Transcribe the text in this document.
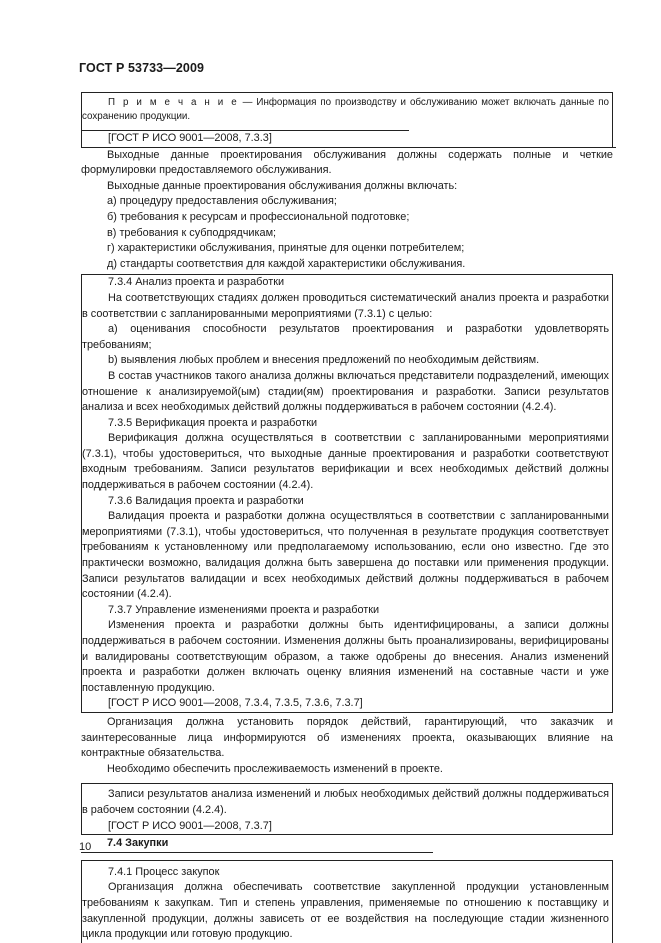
ГОСТ Р 53733—2009

П р и м е ч а н и е — Информация по производству и обслуживанию может включать данные по сохранению продукции.

[ГОСТ Р ИСО 9001—2008, 7.3.3]

Выходные данные проектирования обслуживания должны содержать полные и четкие формулировки предоставляемого обслуживания.

Выходные данные проектирования обслуживания должны включать:

а) процедуру предоставления обслуживания;

б) требования к ресурсам и профессиональной подготовке;

в) требования к субподрядчикам;

г) характеристики обслуживания, принятые для оценки потребителем;

д) стандарты соответствия для каждой характеристики обслуживания.

7.3.4 Анализ проекта и разработки

На соответствующих стадиях должен проводиться систематический анализ проекта и разработки в соответствии с запланированными мероприятиями (7.3.1) с целью:

a) оценивания способности результатов проектирования и разработки удовлетворять требованиям;

b) выявления любых проблем и внесения предложений по необходимым действиям.

В состав участников такого анализа должны включаться представители подразделений, имеющих отношение к анализируемой(ым) стадии(ям) проектирования и разработки. Записи результатов анализа и всех необходимых действий должны поддерживаться в рабочем состоянии (4.2.4).

7.3.5 Верификация проекта и разработки

Верификация должна осуществляться в соответствии с запланированными мероприятиями (7.3.1), чтобы удостовериться, что выходные данные проектирования и разработки соответствуют входным требованиям. Записи результатов верификации и всех необходимых действий должны поддерживаться в рабочем состоянии (4.2.4).

7.3.6 Валидация проекта и разработки

Валидация проекта и разработки должна осуществляться в соответствии с запланированными мероприятиями (7.3.1), чтобы удостовериться, что полученная в результате продукция соответствует требованиям к установленному или предполагаемому использованию, если оно известно. Где это практически возможно, валидация должна быть завершена до поставки или применения продукции. Записи результатов валидации и всех необходимых действий должны поддерживаться в рабочем состоянии (4.2.4).

7.3.7 Управление изменениями проекта и разработки

Изменения проекта и разработки должны быть идентифицированы, а записи должны поддерживаться в рабочем состоянии. Изменения должны быть проанализированы, верифицированы и валидированы соответствующим образом, а также одобрены до внесения. Анализ изменений проекта и разработки должен включать оценку влияния изменений на составные части и уже поставленную продукцию.

[ГОСТ Р ИСО 9001—2008, 7.3.4, 7.3.5, 7.3.6, 7.3.7]

Организация должна установить порядок действий, гарантирующий, что заказчик и заинтересованные лица информируются об изменениях проекта, оказывающих влияние на контрактные обязательства.

Необходимо обеспечить прослеживаемость изменений в проекте.

Записи результатов анализа изменений и любых необходимых действий должны поддерживаться в рабочем состоянии (4.2.4).

[ГОСТ Р ИСО 9001—2008, 7.3.7]

7.4 Закупки

7.4.1 Процесс закупок

Организация должна обеспечивать соответствие закупленной продукции установленным требованиям к закупкам. Тип и степень управления, применяемые по отношению к поставщику и закупленной продукции, должны зависеть от ее воздействия на последующие стадии жизненного цикла продукции или готовую продукцию.

10
